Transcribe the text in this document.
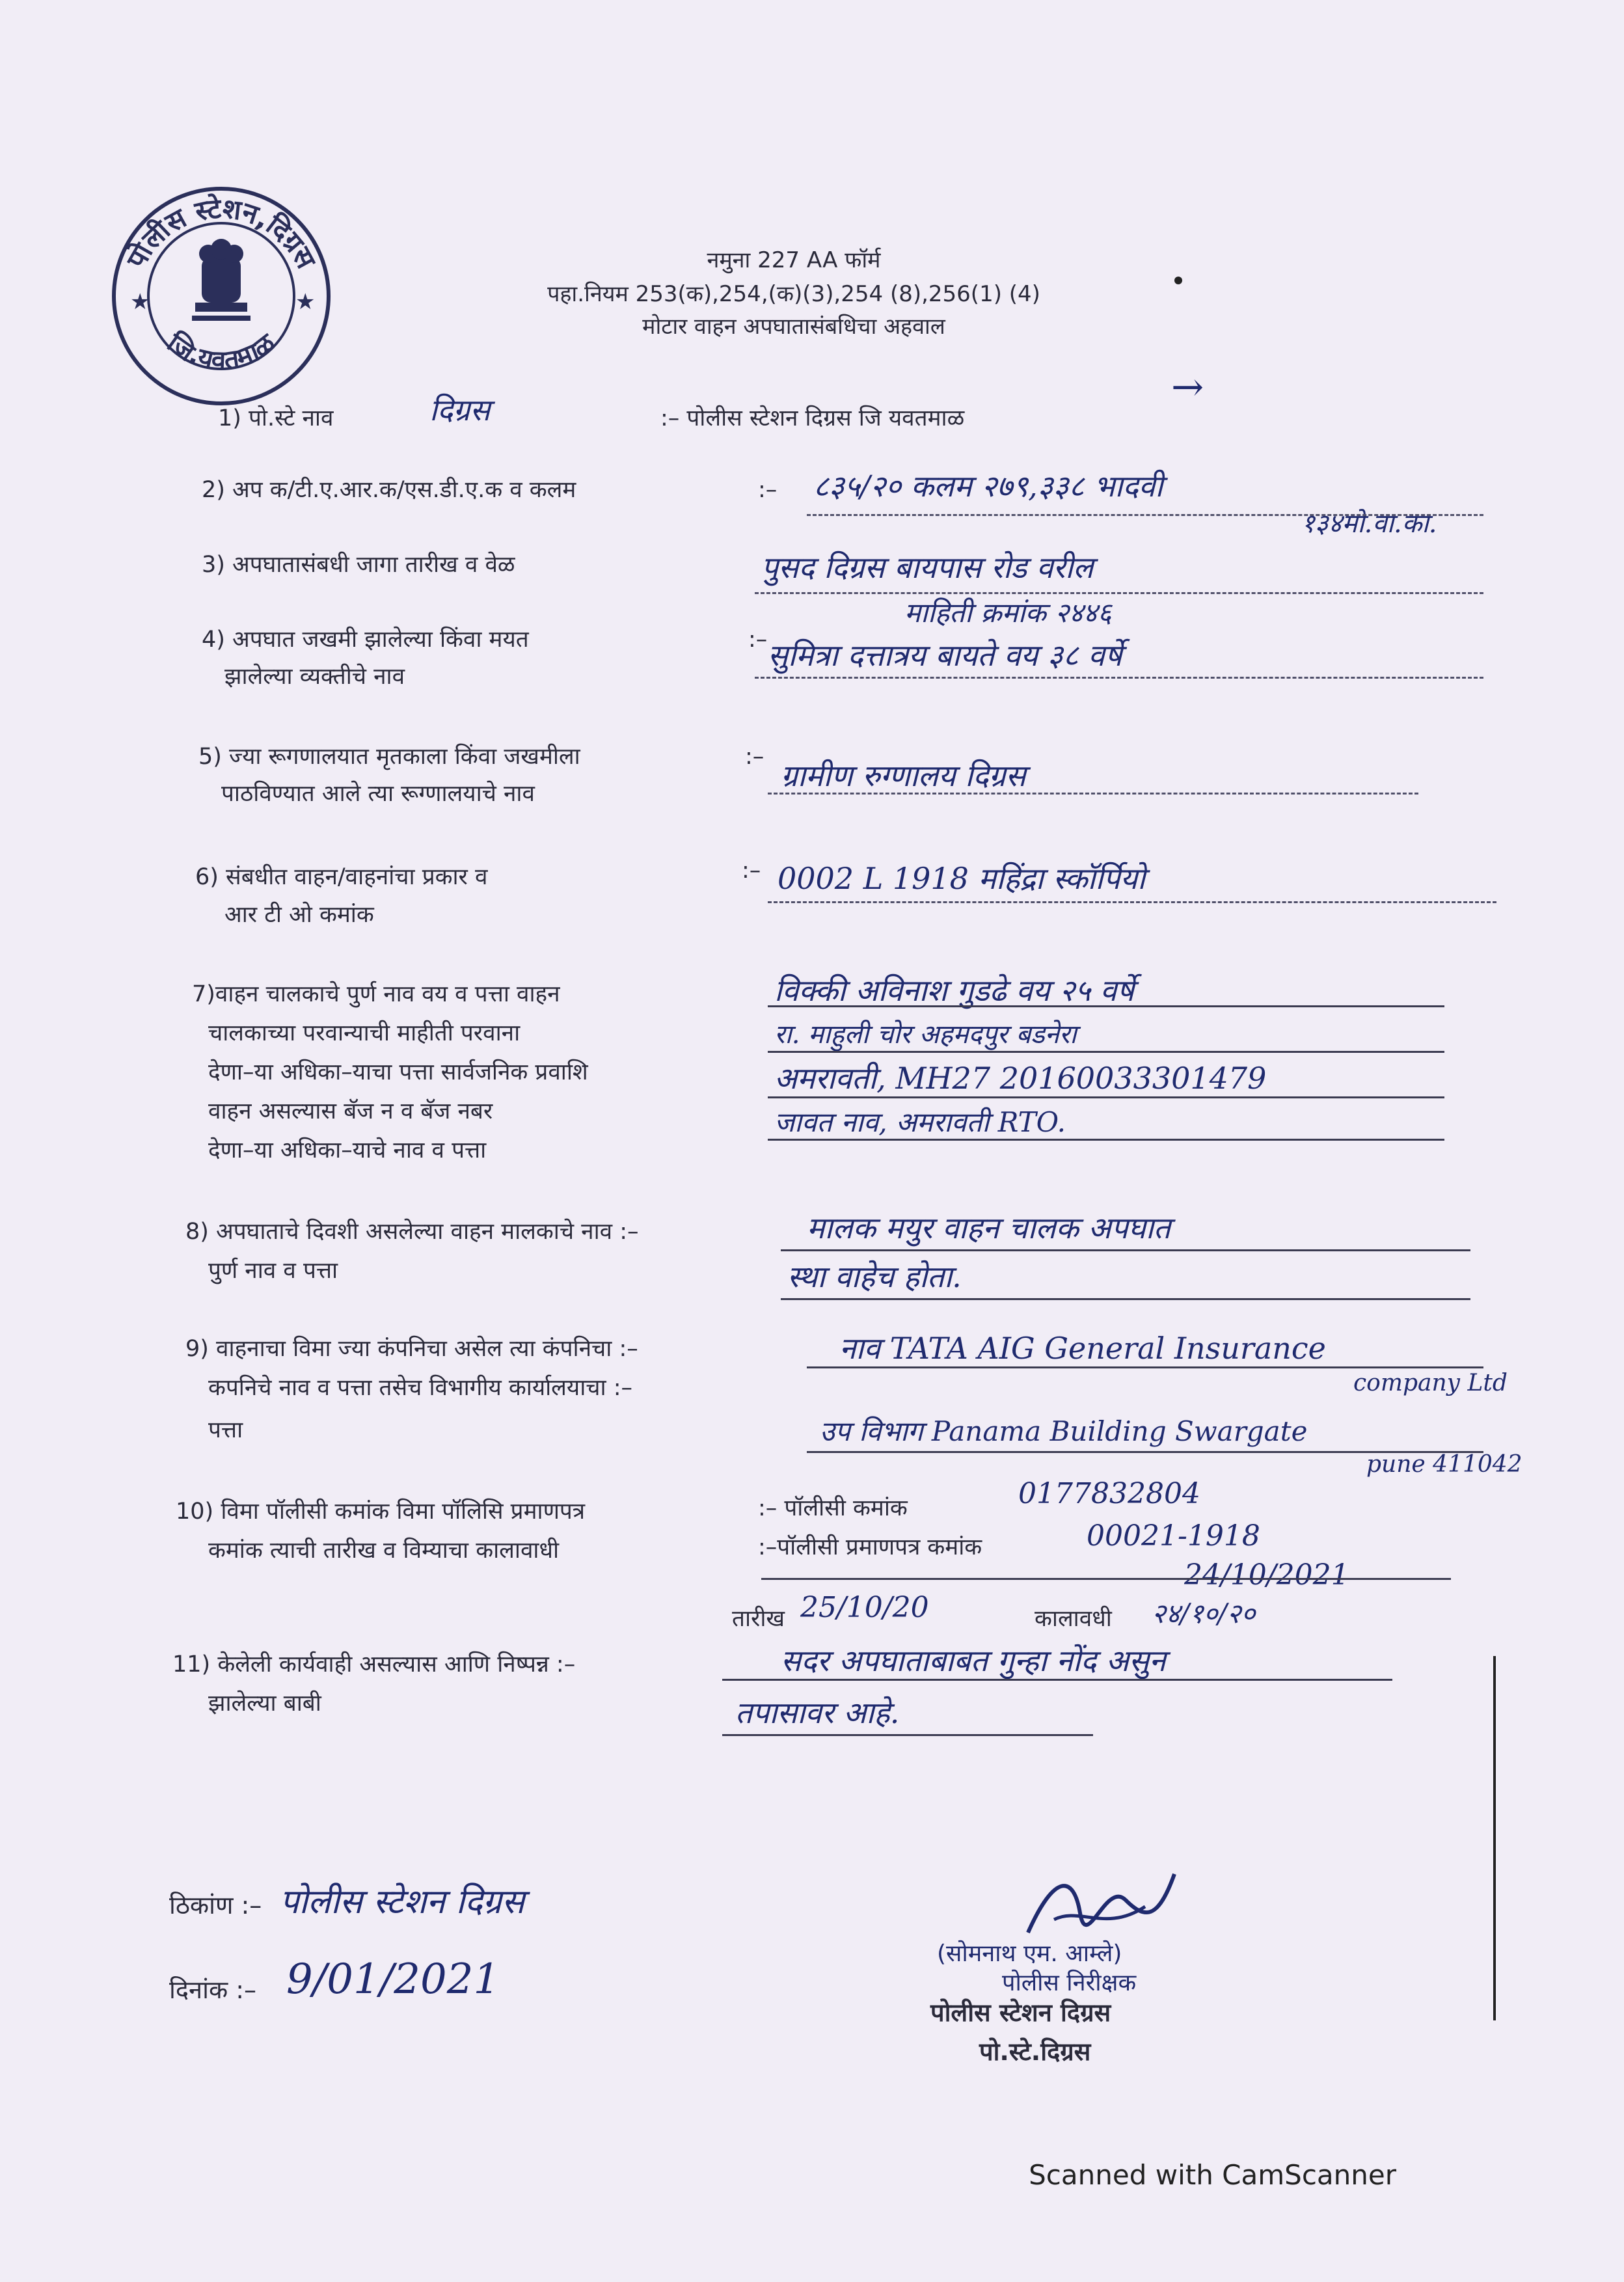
पोलीस स्टेशन,दिग्रस
जि.यवतमाळ
★	★
नमुना 227 AA फॉर्म
पहा.नियम 253(क),254,(क)(3),254 (8),256(1) (4)
मोटार वाहन अपघातासंबधिचा अहवाल
→
1) पो.स्टे नाव	दिग्रस	:– पोलीस स्टेशन दिग्रस जि यवतमाळ
2) अप क/टी.ए.आर.क/एस.डी.ए.क व कलम	:– ८३५/२० कलम २७९,३३८ भादवी
१३४मो.वा.का.
3) अपघातासंबधी जागा तारीख व वेळ	पुसद दिग्रस बायपास रोड वरील
माहिती क्रमांक २४४६
4) अपघात जखमी झालेल्या किंवा मयत
झालेल्या व्यक्तीचे नाव
:– सुमित्रा दत्तात्रय बायते वय ३८ वर्षे
5) ज्या रूगणालयात मृतकाला किंवा जखमीला
पाठविण्यात आले त्या रूग्णालयाचे नाव
:–
ग्रामीण रुग्णालय दिग्रस
6) संबधीत वाहन/वाहनांचा प्रकार व
आर टी ओ कमांक
:– 0002 L 1918 महिंद्रा स्कॉर्पियो
7)वाहन चालकाचे पुर्ण नाव वय व पत्ता वाहन
चालकाच्या परवान्याची माहीती परवाना
देणा–या अधिका–याचा पत्ता सार्वजनिक प्रवाशि
वाहन असल्यास बॅज न व बॅज नबर
देणा–या अधिका–याचे नाव व पत्ता
विक्की अविनाश गुडढे वय २५ वर्षे
रा. माहुली चोर अहमदपुर बडनेरा
अमरावती, MH27 20160033301479
जावत नाव, अमरावती RTO.
8) अपघाताचे दिवशी असलेल्या वाहन मालकाचे नाव :–
पुर्ण नाव व पत्ता
मालक मयुर वाहन चालक अपघात
स्था वाहेच होता.
9) वाहनाचा विमा ज्या कंपनिचा असेल त्या कंपनिचा :–
कपनिचे नाव व पत्ता तसेच विभागीय कार्यालयाचा :–
पत्ता
नाव TATA AIG General Insurance
company Ltd
उप विभाग Panama Building Swargate
pune 411042
10) विमा पॉलीसी कमांक विमा पॉलिसि प्रमाणपत्र
कमांक त्याची तारीख व विम्याचा कालावाधी
:– पॉलीसी कमांक	0177832804
:–पॉलीसी प्रमाणपत्र कमांक	00021-1918
24/10/2021
तारीख 25/10/20	कालावधी २४/१०/२०
11) केलेली कार्यवाही असल्यास आणि निष्पन्न :–
झालेल्या बाबी
सदर अपघाताबाबत गुन्हा नोंद असुन
तपासावर आहे.
ठिकांण :– पोलीस स्टेशन दिग्रस
दिनांक :– 9/01/2021
(सोमनाथ एम. आम्ले)
पोलीस निरीक्षक
पोलीस स्टेशन दिग्रस
पो.स्टे.दिग्रस
Scanned with CamScanner
